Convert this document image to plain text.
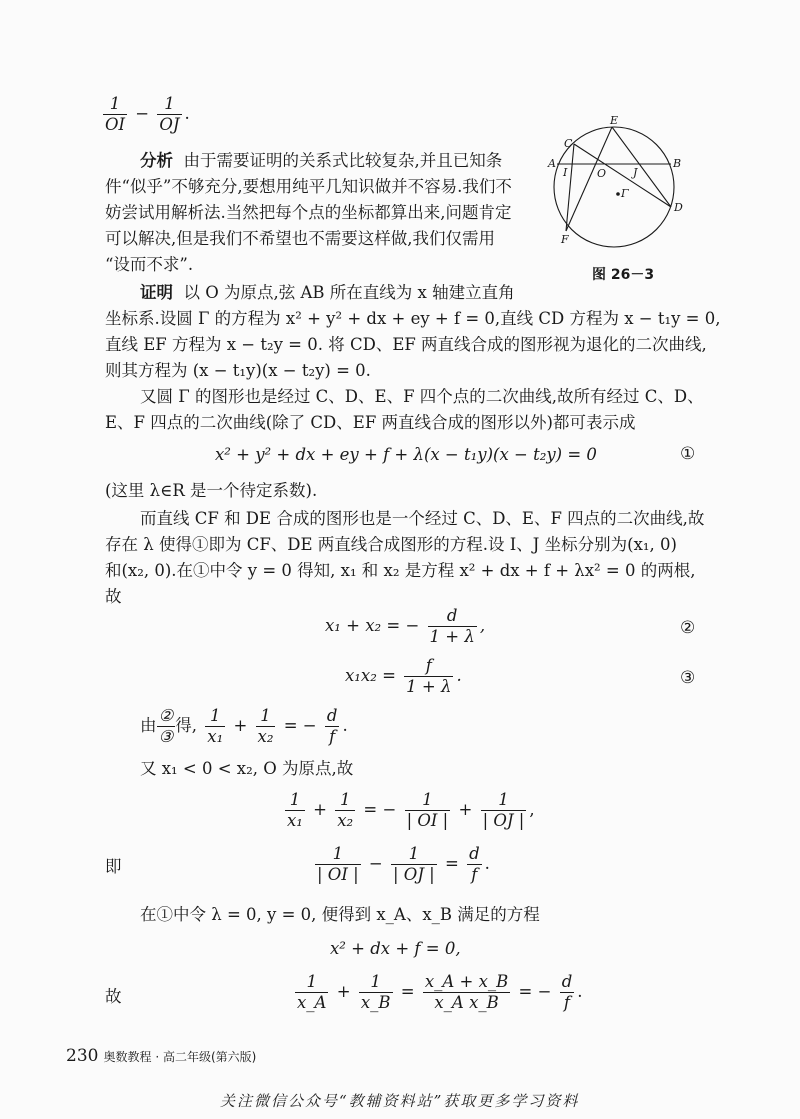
$\frac{1}{OI} - \frac{1}{OJ}$ .
分析 由于需要证明的关系式比较复杂,并且已知条
件“似乎”不够充分,要想用纯平几知识做并不容易.我们不
妨尝试用解析法.当然把每个点的坐标都算出来,问题肯定
可以解决,但是我们不希望也不需要这样做,我们仅需用
“设而不求”.
C
E
A	B
I	O J
Γ
D
F
图 26－3
证明 以 O 为原点,弦 AB 所在直线为 x 轴建立直角
坐标系.设圆 Γ 的方程为 x² + y² + dx + ey + f = 0,直线 CD 方程为 x − t₁y = 0,
直线 EF 方程为 x − t₂y = 0. 将 CD、EF 两直线合成的图形视为退化的二次曲线,
则其方程为 (x − t₁y)(x − t₂y) = 0.
又圆 Γ 的图形也是经过 C、D、E、F 四个点的二次曲线,故所有经过 C、D、
E、F 四点的二次曲线(除了 CD、EF 两直线合成的图形以外)都可表示成
x² + y² + dx + ey + f + λ(x − t₁y)(x − t₂y) = 0	①
(这里 λ∈R 是一个待定系数).
而直线 CF 和 DE 合成的图形也是一个经过 C、D、E、F 四点的二次曲线,故
存在 λ 使得①即为 CF、DE 两直线合成图形的方程.设 I、J 坐标分别为(x₁, 0)
和(x₂, 0).在①中令 y = 0 得知, x₁ 和 x₂ 是方程 x² + dx + f + λx² = 0 的两根,
故
x₁ + x₂ = − $\frac{d}{1 + \lambda}$ ,	②
$x_1x_2 = \frac{f}{1 + \lambda}$ .	③
由 $\frac{\text{②}}{\text{③}}$ 得, $\frac{1}{\text{x₁}} + \frac{1}{\text{x₂}}$ = − $\frac{d}{f}$ .
又 x₁ < 0 < x₂, O 为原点,故
$\frac{1}{\text{x₁}} + \frac{1}{\text{x₂}}$ = − $\frac{1}{| OI |} + \frac{1}{| OJ |}$ ,
即	$\frac{1}{| OI |} - \frac{1}{| OJ |} = \frac{d}{f}$ .
在①中令 λ = 0, y = 0, 便得到 x_A、x_B 满足的方程
x² + dx + f = 0,
故	$\frac{1}{x\_A} + \frac{1}{x\_B} = \frac{x\_A + x\_B}{\text{x\_A x\_B}}$ = − $\frac{d}{f}$ .
230 奥数教程 · 高二年级(第六版)
关注微信公众号“教辅资料站”获取更多学习资料
